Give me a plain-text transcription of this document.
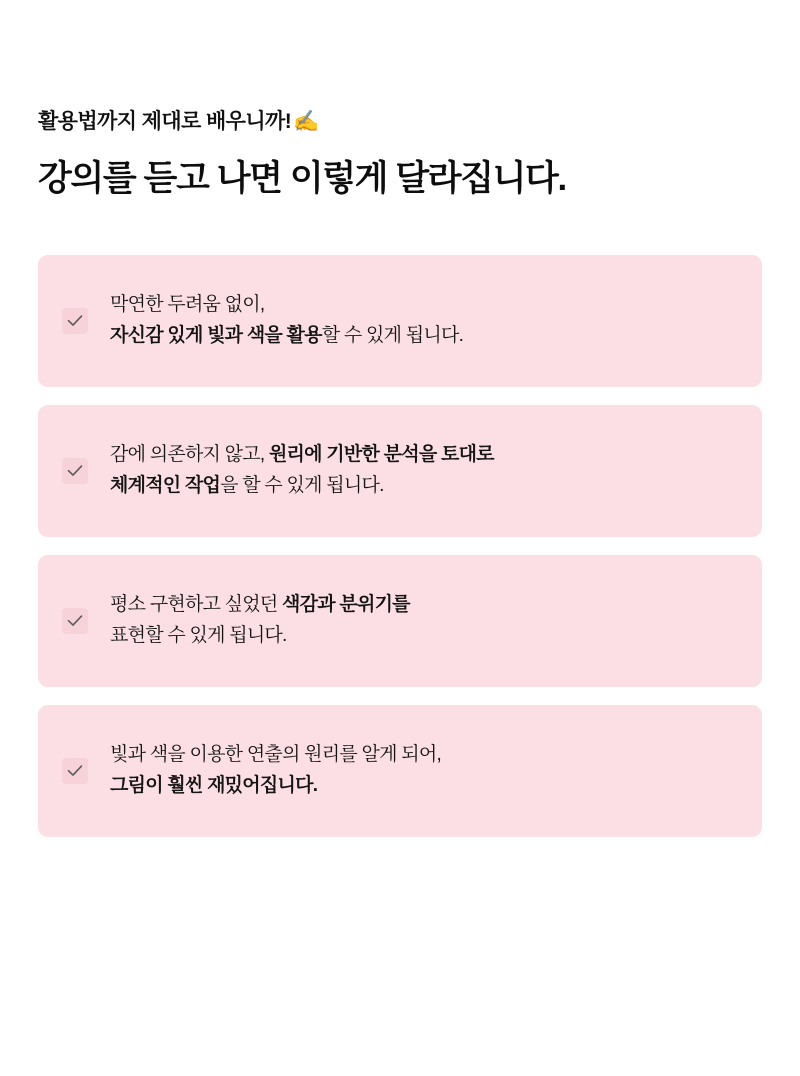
활용법까지 제대로 배우니까!✍️
강의를 듣고 나면 이렇게 달라집니다.
막연한 두려움 없이,
자신감 있게 빛과 색을 활용할 수 있게 됩니다.
감에 의존하지 않고, 원리에 기반한 분석을 토대로
체계적인 작업을 할 수 있게 됩니다.
평소 구현하고 싶었던 색감과 분위기를
표현할 수 있게 됩니다.
빛과 색을 이용한 연출의 원리를 알게 되어,
그림이 훨씬 재밌어집니다.
